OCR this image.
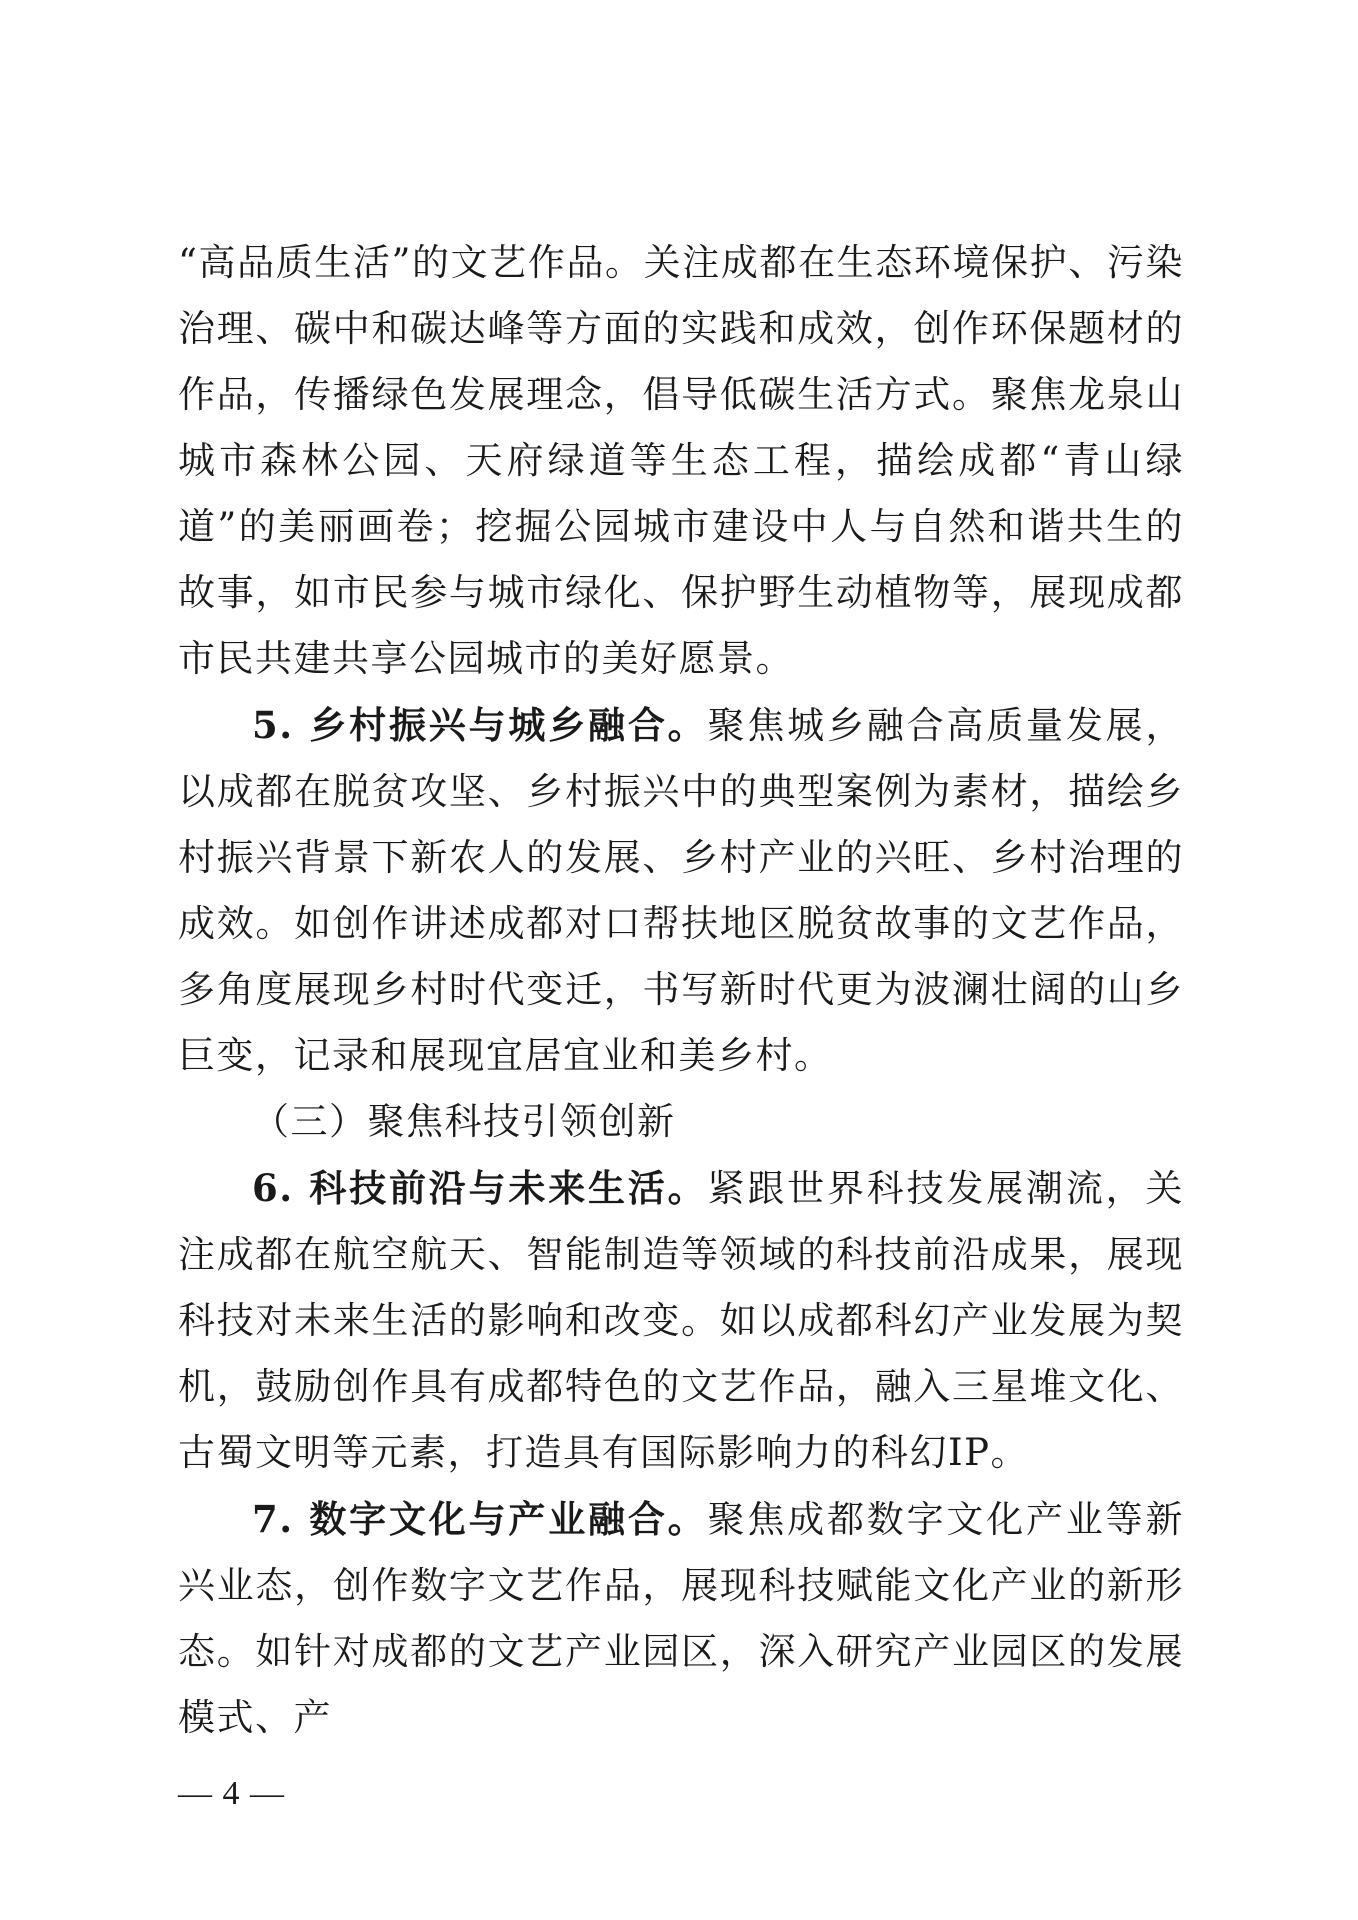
“高品质生活”的文艺作品。关注成都在生态环境保护、污染治理、碳中和碳达峰等方面的实践和成效，创作环保题材的作品，传播绿色发展理念，倡导低碳生活方式。聚焦龙泉山城市森林公园、天府绿道等生态工程，描绘成都“青山绿道”的美丽画卷；挖掘公园城市建设中人与自然和谐共生的故事，如市民参与城市绿化、保护野生动植物等，展现成都市民共建共享公园城市的美好愿景。

5. 乡村振兴与城乡融合。聚焦城乡融合高质量发展，以成都在脱贫攻坚、乡村振兴中的典型案例为素材，描绘乡村振兴背景下新农人的发展、乡村产业的兴旺、乡村治理的成效。如创作讲述成都对口帮扶地区脱贫故事的文艺作品，多角度展现乡村时代变迁，书写新时代更为波澜壮阔的山乡巨变，记录和展现宜居宜业和美乡村。

（三）聚焦科技引领创新

6. 科技前沿与未来生活。紧跟世界科技发展潮流，关注成都在航空航天、智能制造等领域的科技前沿成果，展现科技对未来生活的影响和改变。如以成都科幻产业发展为契机，鼓励创作具有成都特色的文艺作品，融入三星堆文化、古蜀文明等元素，打造具有国际影响力的科幻IP。

7. 数字文化与产业融合。聚焦成都数字文化产业等新兴业态，创作数字文艺作品，展现科技赋能文化产业的新形态。如针对成都的文艺产业园区，深入研究产业园区的发展模式、产

— 4 —
